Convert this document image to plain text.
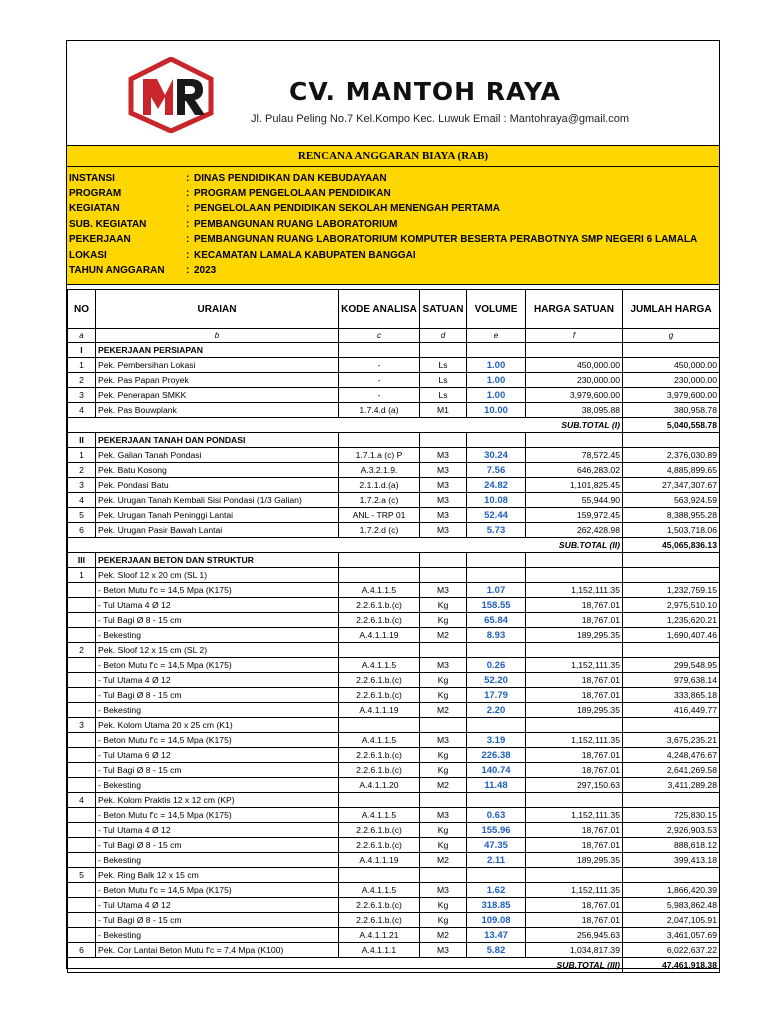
CV. MANTOH RAYA
Jl. Pulau Peling No.7 Kel.Kompo Kec. Luwuk Email : Mantohraya@gmail.com
RENCANA ANGGARAN BIAYA (RAB)
INSTANSI	: DINAS PENDIDIKAN DAN KEBUDAYAAN
PROGRAM	: PROGRAM PENGELOLAAN PENDIDIKAN
KEGIATAN	: PENGELOLAAN PENDIDIKAN SEKOLAH MENENGAH PERTAMA
SUB. KEGIATAN	: PEMBANGUNAN RUANG LABORATORIUM
PEKERJAAN	: PEMBANGUNAN RUANG LABORATORIUM KOMPUTER BESERTA PERABOTNYA SMP NEGERI 6 LAMALA
LOKASI	: KECAMATAN LAMALA KABUPATEN BANGGAI
TAHUN ANGGARAN	: 2023
NO	URAIAN	KODE ANALISA	SATUAN	VOLUME	HARGA SATUAN	JUMLAH HARGA
a	b	c	d	e	f	g
I	PEKERJAAN PERSIAPAN					
1	Pek. Pembersihan Lokasi	-	Ls	1.00	450,000.00	450,000.00
2	Pek. Pas Papan Proyek	-	Ls	1.00	230,000.00	230,000.00
3	Pek. Penerapan SMKK	-	Ls	1.00	3,979,600.00	3,979,600.00
4	Pek. Pas Bouwplank	1.7.4.d (a)	M1	10.00	38,095.88	380,958.78
SUB.TOTAL (I)						5,040,558.78
II	PEKERJAAN TANAH DAN PONDASI					
1	Pek. Galian Tanah Pondasi	1.7.1.a (c) P	M3	30.24	78,572.45	2,376,030.89
2	Pek. Batu Kosong	A.3.2.1.9.	M3	7.56	646,283.02	4,885,899.65
3	Pek. Pondasi Batu	2.1.1.d.(a)	M3	24.82	1,101,825.45	27,347,307.67
4	Pek. Urugan Tanah Kembali Sisi Pondasi (1/3 Galian)	1.7.2.a (c)	M3	10.08	55,944.90	563,924.59
5	Pek. Urugan Tanah Peninggi Lantai	ANL - TRP 01	M3	52.44	159,972.45	8,388,955.28
6	Pek. Urugan Pasir Bawah Lantai	1.7.2.d (c)	M3	5.73	262,428.98	1,503,718.06
SUB.TOTAL (II)						45,065,836.13
III	PEKERJAAN BETON DAN STRUKTUR					
1	Pek. Sloof 12 x 20 cm (SL 1)					
	- Beton Mutu f'c = 14,5 Mpa (K175)	A.4.1.1.5	M3	1.07	1,152,111.35	1,232,759.15
	- Tul Utama 4 Ø 12	2.2.6.1.b.(c)	Kg	158.55	18,767.01	2,975,510.10
	- Tul Bagi Ø 8 - 15 cm	2.2.6.1.b.(c)	Kg	65.84	18,767.01	1,235,620.21
	- Bekesting	A.4.1.1.19	M2	8.93	189,295.35	1,690,407.46
2	Pek. Sloof 12 x 15 cm (SL 2)					
	- Beton Mutu f'c = 14,5 Mpa (K175)	A.4.1.1.5	M3	0.26	1,152,111.35	299,548.95
	- Tul Utama 4 Ø 12	2.2.6.1.b.(c)	Kg	52.20	18,767.01	979,638.14
	- Tul Bagi Ø 8 - 15 cm	2.2.6.1.b.(c)	Kg	17.79	18,767.01	333,865.18
	- Bekesting	A.4.1.1.19	M2	2.20	189,295.35	416,449.77
3	Pek. Kolom Utama 20 x 25 cm (K1)					
	- Beton Mutu f'c = 14,5 Mpa (K175)	A.4.1.1.5	M3	3.19	1,152,111.35	3,675,235.21
	- Tul Utama 6 Ø 12	2.2.6.1.b.(c)	Kg	226.38	18,767.01	4,248,476.67
	- Tul Bagi Ø 8 - 15 cm	2.2.6.1.b.(c)	Kg	140.74	18,767.01	2,641,269.58
	- Bekesting	A.4.1.1.20	M2	11.48	297,150.63	3,411,289.28
4	Pek. Kolom Praktis 12 x 12 cm (KP)					
	- Beton Mutu f'c = 14,5 Mpa (K175)	A.4.1.1.5	M3	0.63	1,152,111.35	725,830.15
	- Tul Utama 4 Ø 12	2.2.6.1.b.(c)	Kg	155.96	18,767.01	2,926,903.53
	- Tul Bagi Ø 8 - 15 cm	2.2.6.1.b.(c)	Kg	47.35	18,767.01	888,618.12
	- Bekesting	A.4.1.1.19	M2	2.11	189,295.35	399,413.18
5	Pek. Ring Balk 12 x 15 cm					
	- Beton Mutu f'c = 14,5 Mpa (K175)	A.4.1.1.5	M3	1.62	1,152,111.35	1,866,420.39
	- Tul Utama 4 Ø 12	2.2.6.1.b.(c)	Kg	318.85	18,767.01	5,983,862.48
	- Tul Bagi Ø 8 - 15 cm	2.2.6.1.b.(c)	Kg	109.08	18,767.01	2,047,105.91
	- Bekesting	A.4.1.1.21	M2	13.47	256,945.63	3,461,057.69
6	Pek. Cor Lantai Beton Mutu f'c = 7,4 Mpa (K100)	A.4.1.1.1	M3	5.82	1,034,817.39	6,022,637.22
SUB.TOTAL (III)						47,461,918.38
